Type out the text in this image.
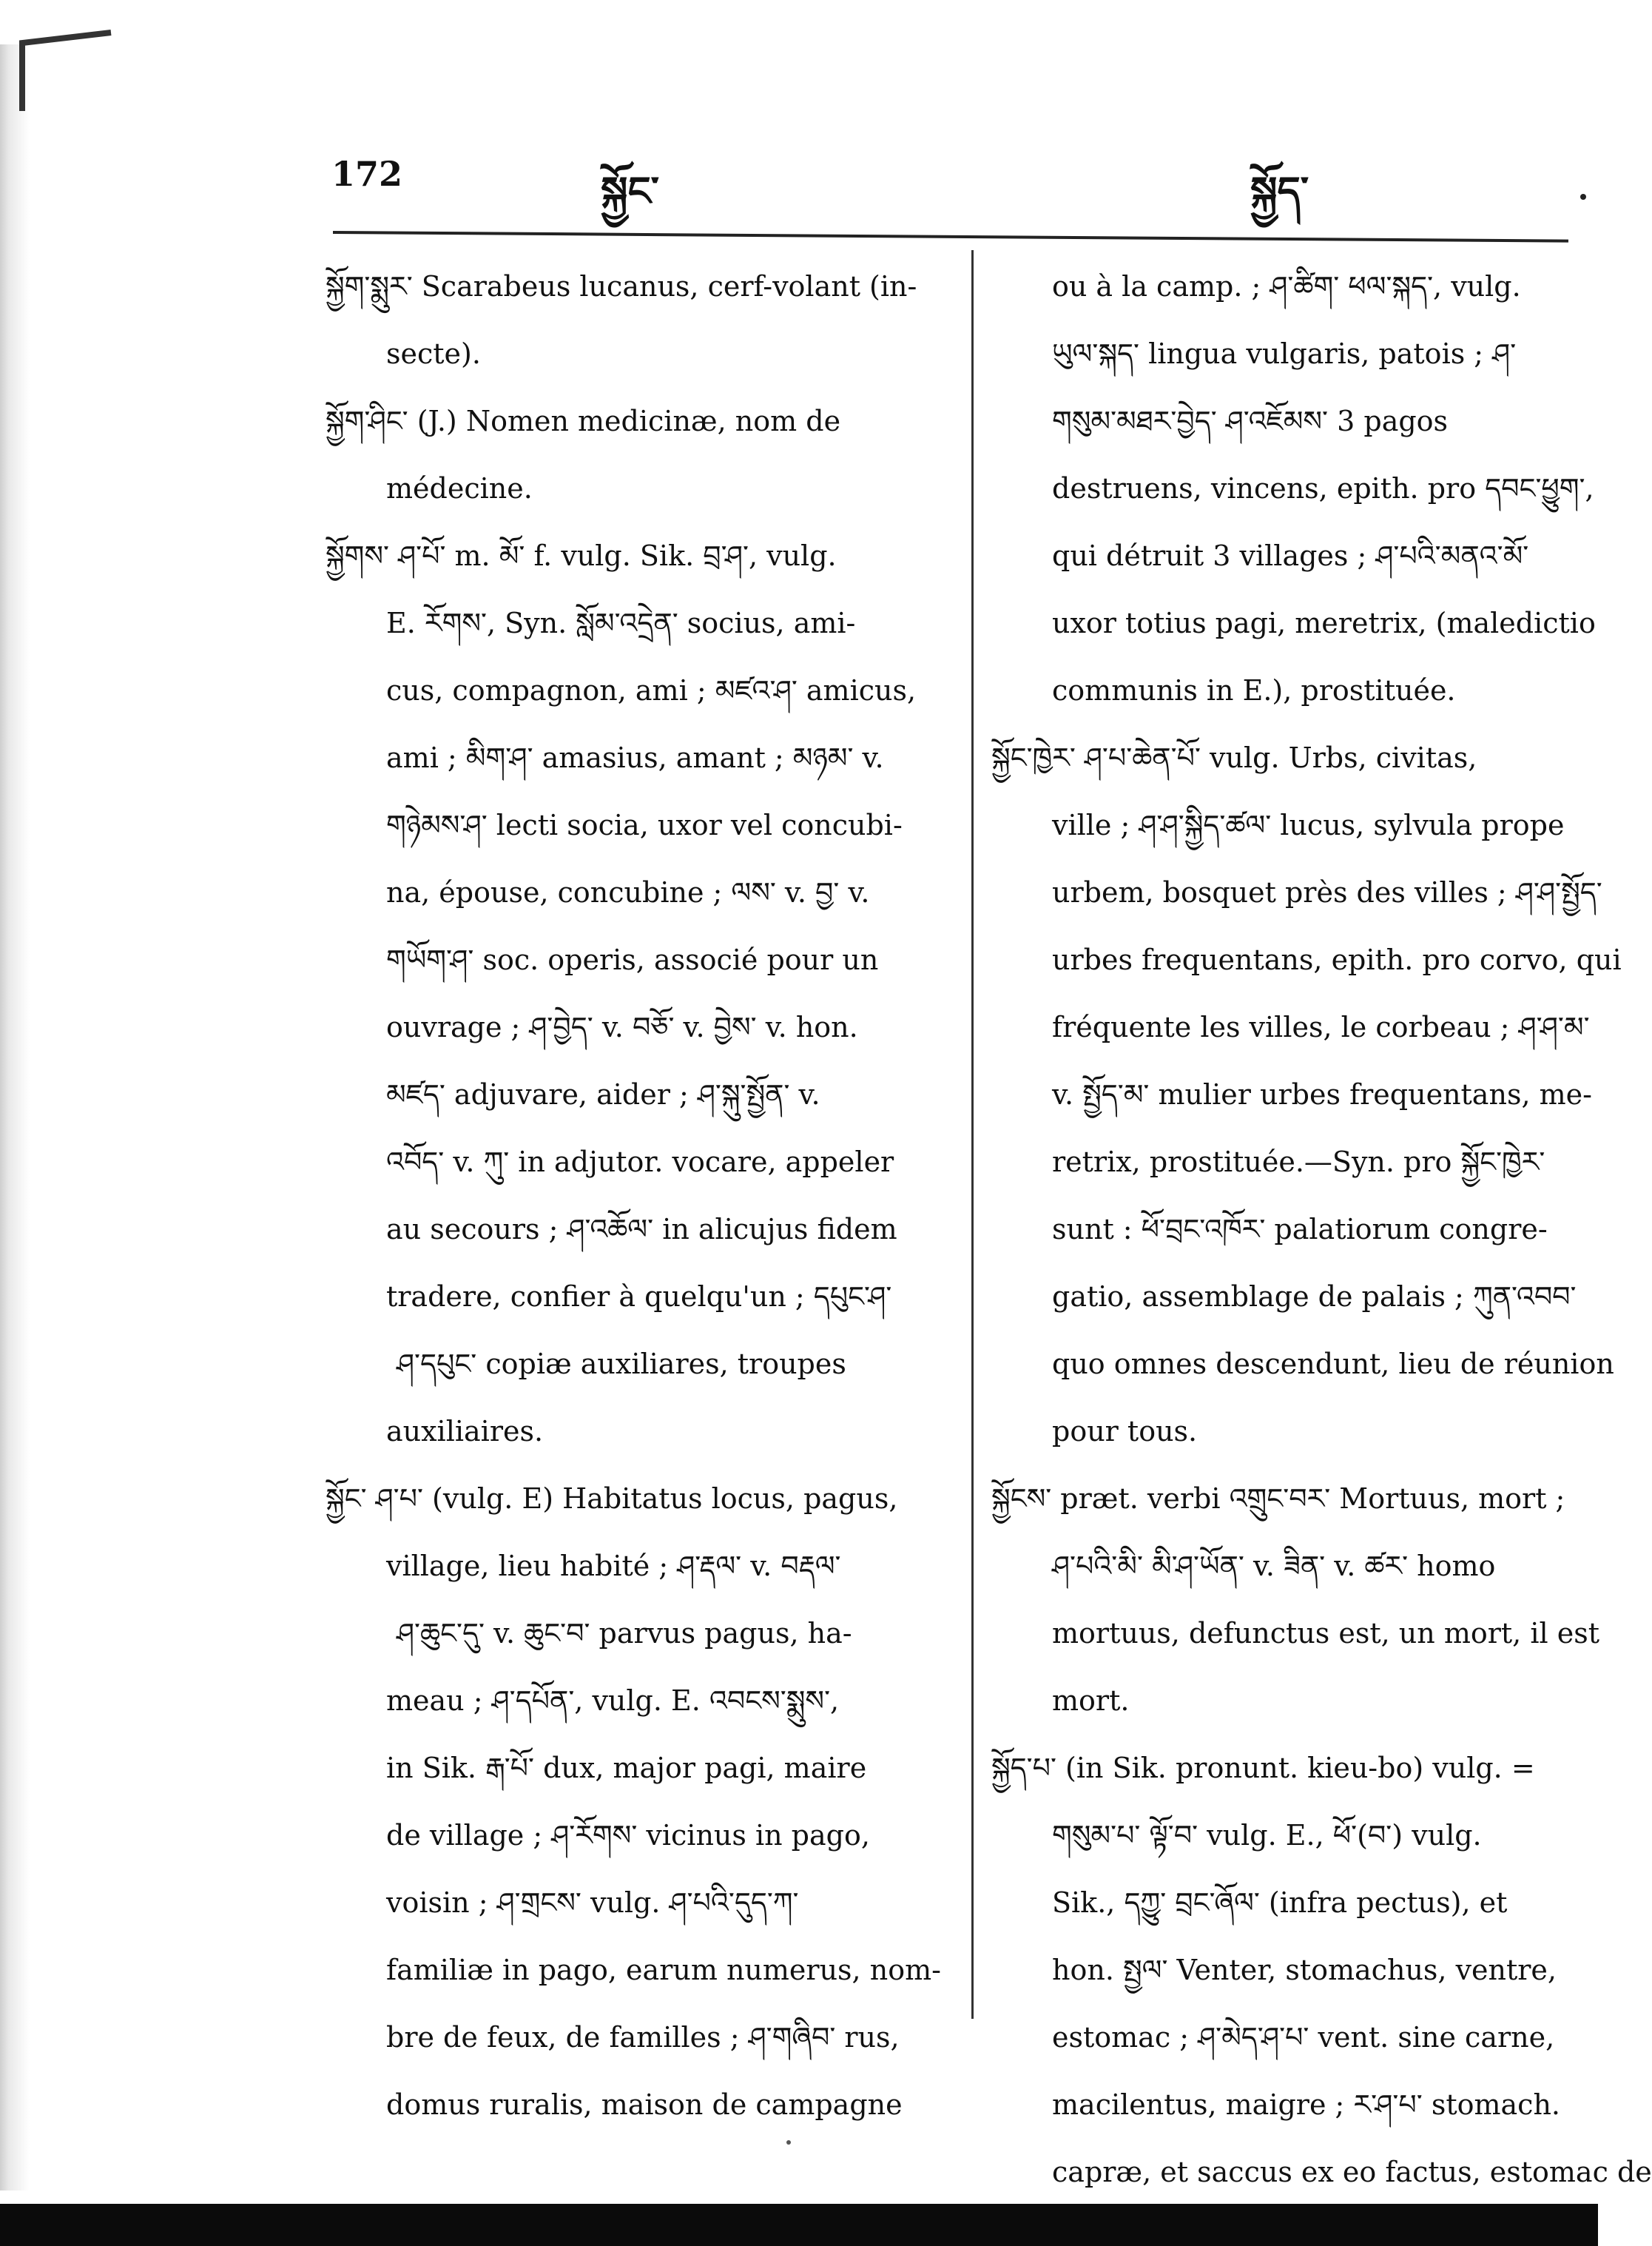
172	སྐྱོང་	སྐྱོད་
སྐྱོག་སྨུར་ Scarabeus lucanus, cerf-volant (in-
secte).
སྐྱོག་ཤིང་ (J.) Nomen medicinæ, nom de
médecine.
སྐྱོགས་ ཤ་པོ་ m. མོ་ f. vulg. Sik. བྲ་ཤ་, vulg.
E. རོགས་, Syn. སློམ་འདྲེན་ socius, ami-
cus, compagnon, ami ; མཛའ་ཤ་ amicus,
ami ; མིག་ཤ་ amasius, amant ; མཉམ་ v.
གཉེམས་ཤ་ lecti socia, uxor vel concubi-
na, épouse, concubine ; ལས་ v. བྱ་ v.
གཡོག་ཤ་ soc. operis, associé pour un
ouvrage ; ཤ་བྱེད་ v. བཅོ་ v. བྱེས་ v. hon.
མཛད་ adjuvare, aider ; ཤ་སྐུ་སྤྱོན་ v.
འབོད་ v. ཀུ་ in adjutor. vocare, appeler
au secours ; ཤ་འཆོལ་ in alicujus fidem
tradere, confier à quelqu'un ; དཔུང་ཤ་
ཤ་དཔུང་ copiæ auxiliares, troupes
auxiliaires.
སྐྱོང་ ཤ་པ་ (vulg. E) Habitatus locus, pagus,
village, lieu habité ; ཤ་རྡལ་ v. བརྡལ་
ཤ་ཆུང་དུ་ v. ཆུང་བ་ parvus pagus, ha-
meau ; ཤ་དཔོན་, vulg. E. འབངས་སྨུས་,
in Sik. རྒ་པོ་ dux, major pagi, maire
de village ; ཤ་རོགས་ vicinus in pago,
voisin ; ཤ་གྲངས་ vulg. ཤ་པའི་དུད་ཀ་
familiæ in pago, earum numerus, nom-
bre de feux, de familles ; ཤ་གཞིབ་ rus,
domus ruralis, maison de campagne
ou à la camp. ; ཤ་ཚིག་ ཕལ་སྐད་, vulg.
ཡུལ་སྐད་ lingua vulgaris, patois ; ཤ་
གསུམ་མཐར་བྱེད་ ཤ་འཇོམས་ 3 pagos
destruens, vincens, epith. pro དབང་ཕྱུག་,
qui détruit 3 villages ; ཤ་པའི་མནའ་མོ་
uxor totius pagi, meretrix, (maledictio
communis in E.), prostituée.
སྐྱོང་ཁྱེར་ ཤ་པ་ཆེན་པོ་ vulg. Urbs, civitas,
ville ; ཤ་ཤ་སྐྱིད་ཚལ་ lucus, sylvula prope
urbem, bosquet près des villes ; ཤ་ཤ་སྤྱོད་
urbes frequentans, epith. pro corvo, qui
fréquente les villes, le corbeau ; ཤ་ཤ་མ་
v. སྤྱོད་མ་ mulier urbes frequentans, me-
retrix, prostituée.—Syn. pro སྐྱོང་ཁྱེར་
sunt : ཕོ་བྲང་འཁོར་ palatiorum congre-
gatio, assemblage de palais ; ཀུན་འབབ་
quo omnes descendunt, lieu de réunion
pour tous.
སྐྱོངས་ præt. verbi འགྲུང་བར་ Mortuus, mort ;
ཤ་པའི་མི་ མི་ཤ་ཡོན་ v. ཟིན་ v. ཚར་ homo
mortuus, defunctus est, un mort, il est
mort.
སྐྱོད་པ་ (in Sik. pronunt. kieu-bo) vulg. =
གསུམ་པ་ ལྟོ་བ་ vulg. E., ཕོ་(བ་) vulg.
Sik., དཀྱུ་ བྲང་ཞོལ་ (infra pectus), et
hon. སྤྱལ་ Venter, stomachus, ventre,
estomac ; ཤ་མེད་ཤ་པ་ vent. sine carne,
macilentus, maigre ; ར་ཤ་པ་ stomach.
capræ, et saccus ex eo factus, estomac de
